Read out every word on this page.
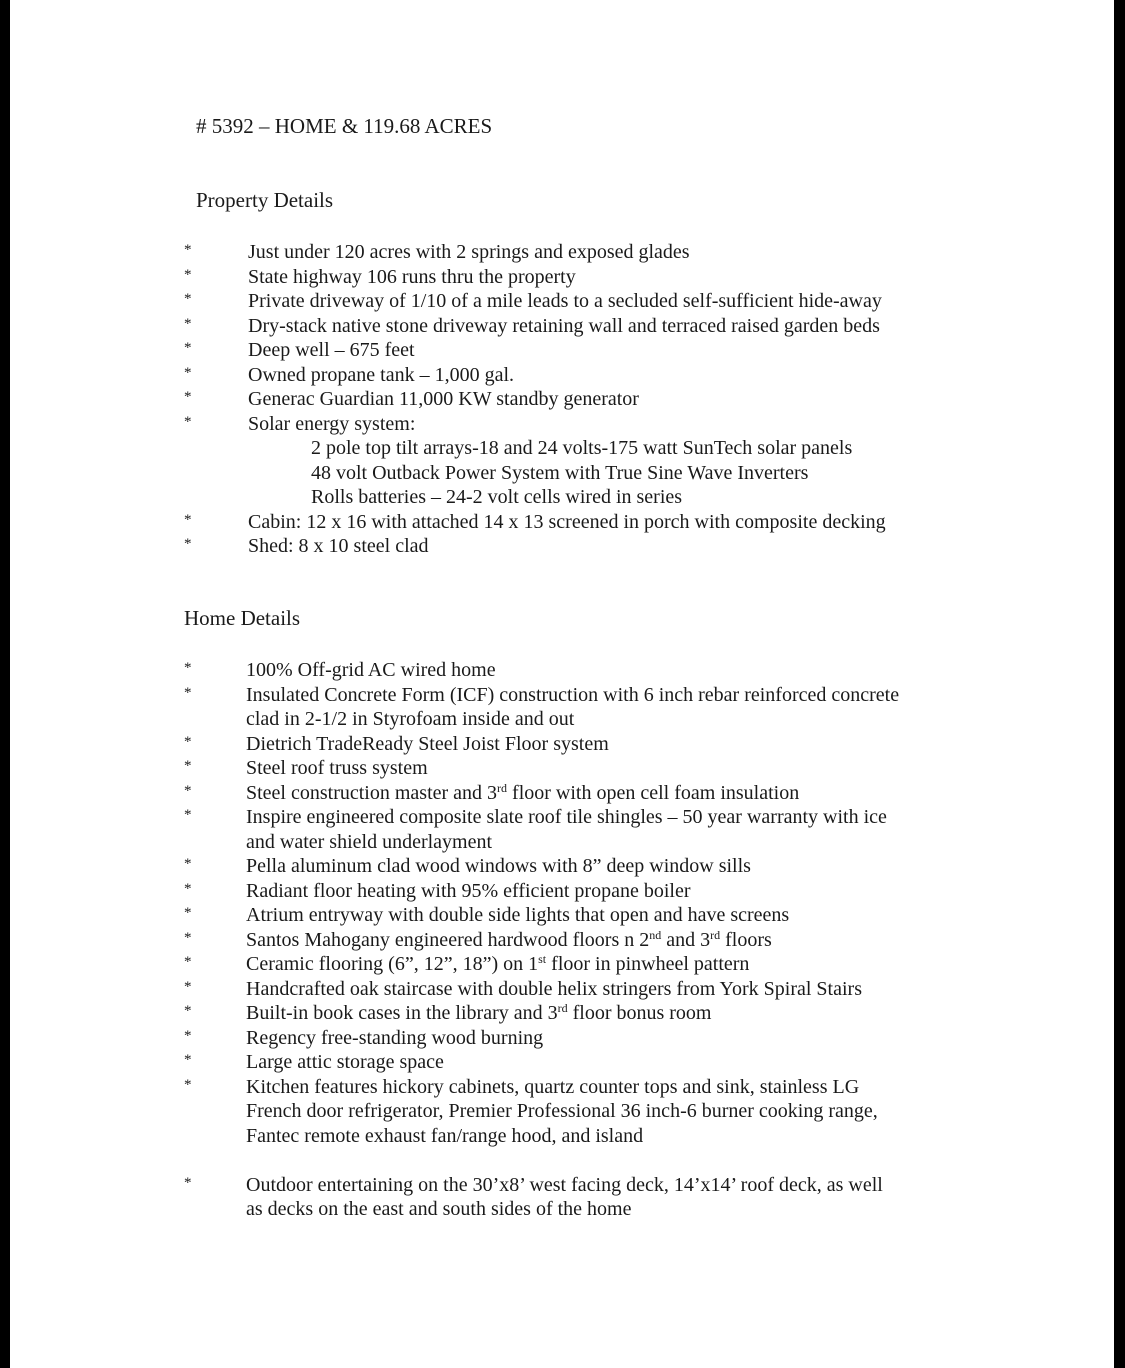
# 5392 – HOME & 119.68 ACRES
Property Details
*	Just under 120 acres with 2 springs and exposed glades
*	State highway 106 runs thru the property
*	Private driveway of 1/10 of a mile leads to a secluded self-sufficient hide-away
*	Dry-stack native stone driveway retaining wall and terraced raised garden beds
*	Deep well – 675 feet
*	Owned propane tank – 1,000 gal.
*	Generac Guardian 11,000 KW standby generator
*	Solar energy system:
2 pole top tilt arrays-18 and 24 volts-175 watt SunTech solar panels
48 volt Outback Power System with True Sine Wave Inverters
Rolls batteries – 24-2 volt cells wired in series
*	Cabin: 12 x 16 with attached 14 x 13 screened in porch with composite decking
*	Shed: 8 x 10 steel clad
Home Details
*	100% Off-grid AC wired home
*	Insulated Concrete Form (ICF) construction with 6 inch rebar reinforced concrete
clad in 2-1/2 in Styrofoam inside and out
*	Dietrich TradeReady Steel Joist Floor system
*	Steel roof truss system
*	Steel construction master and 3rd floor with open cell foam insulation
*	Inspire engineered composite slate roof tile shingles – 50 year warranty with ice
and water shield underlayment
*	Pella aluminum clad wood windows with 8” deep window sills
*	Radiant floor heating with 95% efficient propane boiler
*	Atrium entryway with double side lights that open and have screens
*	Santos Mahogany engineered hardwood floors n 2nd and 3rd floors
*	Ceramic flooring (6”, 12”, 18”) on 1st floor in pinwheel pattern
*	Handcrafted oak staircase with double helix stringers from York Spiral Stairs
*	Built-in book cases in the library and 3rd floor bonus room
*	Regency free-standing wood burning
*	Large attic storage space
*	Kitchen features hickory cabinets, quartz counter tops and sink, stainless LG
French door refrigerator, Premier Professional 36 inch-6 burner cooking range,
Fantec remote exhaust fan/range hood, and island
*	Outdoor entertaining on the 30’x8’ west facing deck, 14’x14’ roof deck, as well
as decks on the east and south sides of the home
